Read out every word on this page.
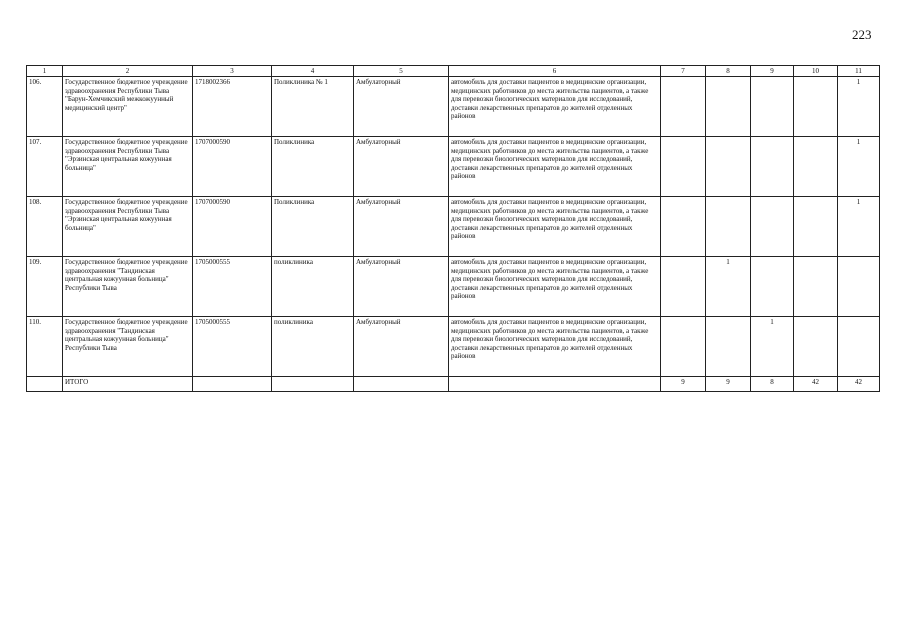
223
1	2	3	4	5	6	7	8	9	10	11
106.	Государственное бюджетное учреждение здравоохранения Республики Тыва "Барун-Хемчикский межкожуунный медицинский центр"	1718002366	Поликлиника № 1	Амбулаторный	автомобиль для доставки пациентов в медицинские организации, медицинских работников до места жительства пациентов, а также для перевозки биологических материалов для исследований, доставки лекарственных препаратов до жителей отделенных районов					1
107.	Государственное бюджетное учреждение здравоохранения Республики Тыва "Эрзинская центральная кожуунная больница"	1707000590	Поликлиника	Амбулаторный	автомобиль для доставки пациентов в медицинские организации, медицинских работников до места жительства пациентов, а также для перевозки биологических материалов для исследований, доставки лекарственных препаратов до жителей отделенных районов					1
108.	Государственное бюджетное учреждение здравоохранения Республики Тыва "Эрзинская центральная кожуунная больница"	1707000590	Поликлиника	Амбулаторный	автомобиль для доставки пациентов в медицинские организации, медицинских работников до места жительства пациентов, а также для перевозки биологических материалов для исследований, доставки лекарственных препаратов до жителей отделенных районов					1
109.	Государственное бюджетное учреждение здравоохранения "Тандинская центральная кожуунная больница" Республики Тыва	1705000555	поликлиника	Амбулаторный	автомобиль для доставки пациентов в медицинские организации, медицинских работников до места жительства пациентов, а также для перевозки биологических материалов для исследований, доставки лекарственных препаратов до жителей отделенных районов		1			
110.	Государственное бюджетное учреждение здравоохранения "Тандинская центральная кожуунная больница" Республики Тыва	1705000555	поликлиника	Амбулаторный	автомобиль для доставки пациентов в медицинские организации, медицинских работников до места жительства пациентов, а также для перевозки биологических материалов для исследований, доставки лекарственных препаратов до жителей отделенных районов			1		
	ИТОГО					9	9	8	42	42
